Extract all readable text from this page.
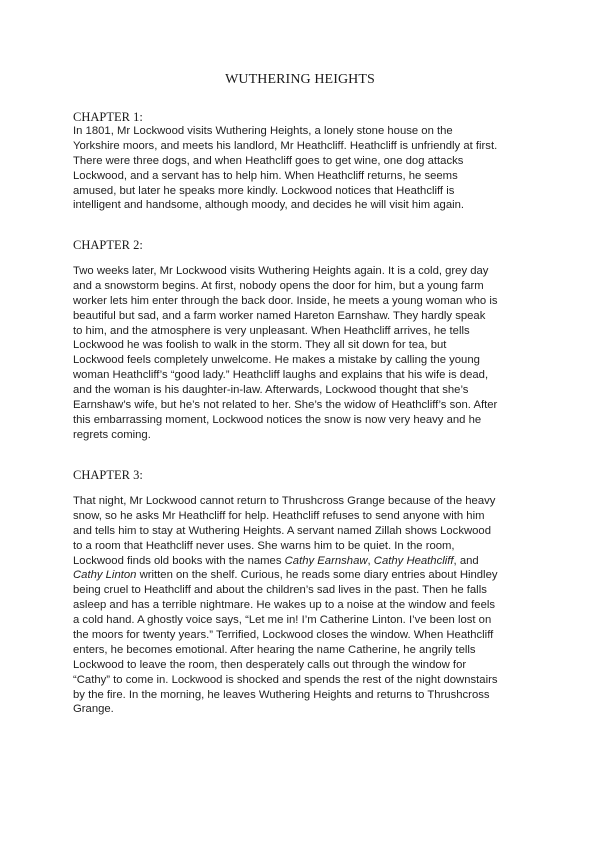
WUTHERING HEIGHTS
CHAPTER 1:
In 1801, Mr Lockwood visits Wuthering Heights, a lonely stone house on the
Yorkshire moors, and meets his landlord, Mr Heathcliff. Heathcliff is unfriendly at first.
There were three dogs, and when Heathcliff goes to get wine, one dog attacks
Lockwood, and a servant has to help him. When Heathcliff returns, he seems
amused, but later he speaks more kindly. Lockwood notices that Heathcliff is
intelligent and handsome, although moody, and decides he will visit him again.
CHAPTER 2:
Two weeks later, Mr Lockwood visits Wuthering Heights again. It is a cold, grey day
and a snowstorm begins. At first, nobody opens the door for him, but a young farm
worker lets him enter through the back door. Inside, he meets a young woman who is
beautiful but sad, and a farm worker named Hareton Earnshaw. They hardly speak
to him, and the atmosphere is very unpleasant. When Heathcliff arrives, he tells
Lockwood he was foolish to walk in the storm. They all sit down for tea, but
Lockwood feels completely unwelcome. He makes a mistake by calling the young
woman Heathcliff’s “good lady.” Heathcliff laughs and explains that his wife is dead,
and the woman is his daughter-in-law. Afterwards, Lockwood thought that she’s
Earnshaw’s wife, but he’s not related to her. She’s the widow of Heathcliff’s son. After
this embarrassing moment, Lockwood notices the snow is now very heavy and he
regrets coming.
CHAPTER 3:
That night, Mr Lockwood cannot return to Thrushcross Grange because of the heavy
snow, so he asks Mr Heathcliff for help. Heathcliff refuses to send anyone with him
and tells him to stay at Wuthering Heights. A servant named Zillah shows Lockwood
to a room that Heathcliff never uses. She warns him to be quiet. In the room,
Lockwood finds old books with the names Cathy Earnshaw, Cathy Heathcliff, and
Cathy Linton written on the shelf. Curious, he reads some diary entries about Hindley
being cruel to Heathcliff and about the children’s sad lives in the past. Then he falls
asleep and has a terrible nightmare. He wakes up to a noise at the window and feels
a cold hand. A ghostly voice says, “Let me in! I’m Catherine Linton. I’ve been lost on
the moors for twenty years.” Terrified, Lockwood closes the window. When Heathcliff
enters, he becomes emotional. After hearing the name Catherine, he angrily tells
Lockwood to leave the room, then desperately calls out through the window for
“Cathy” to come in. Lockwood is shocked and spends the rest of the night downstairs
by the fire. In the morning, he leaves Wuthering Heights and returns to Thrushcross
Grange.
